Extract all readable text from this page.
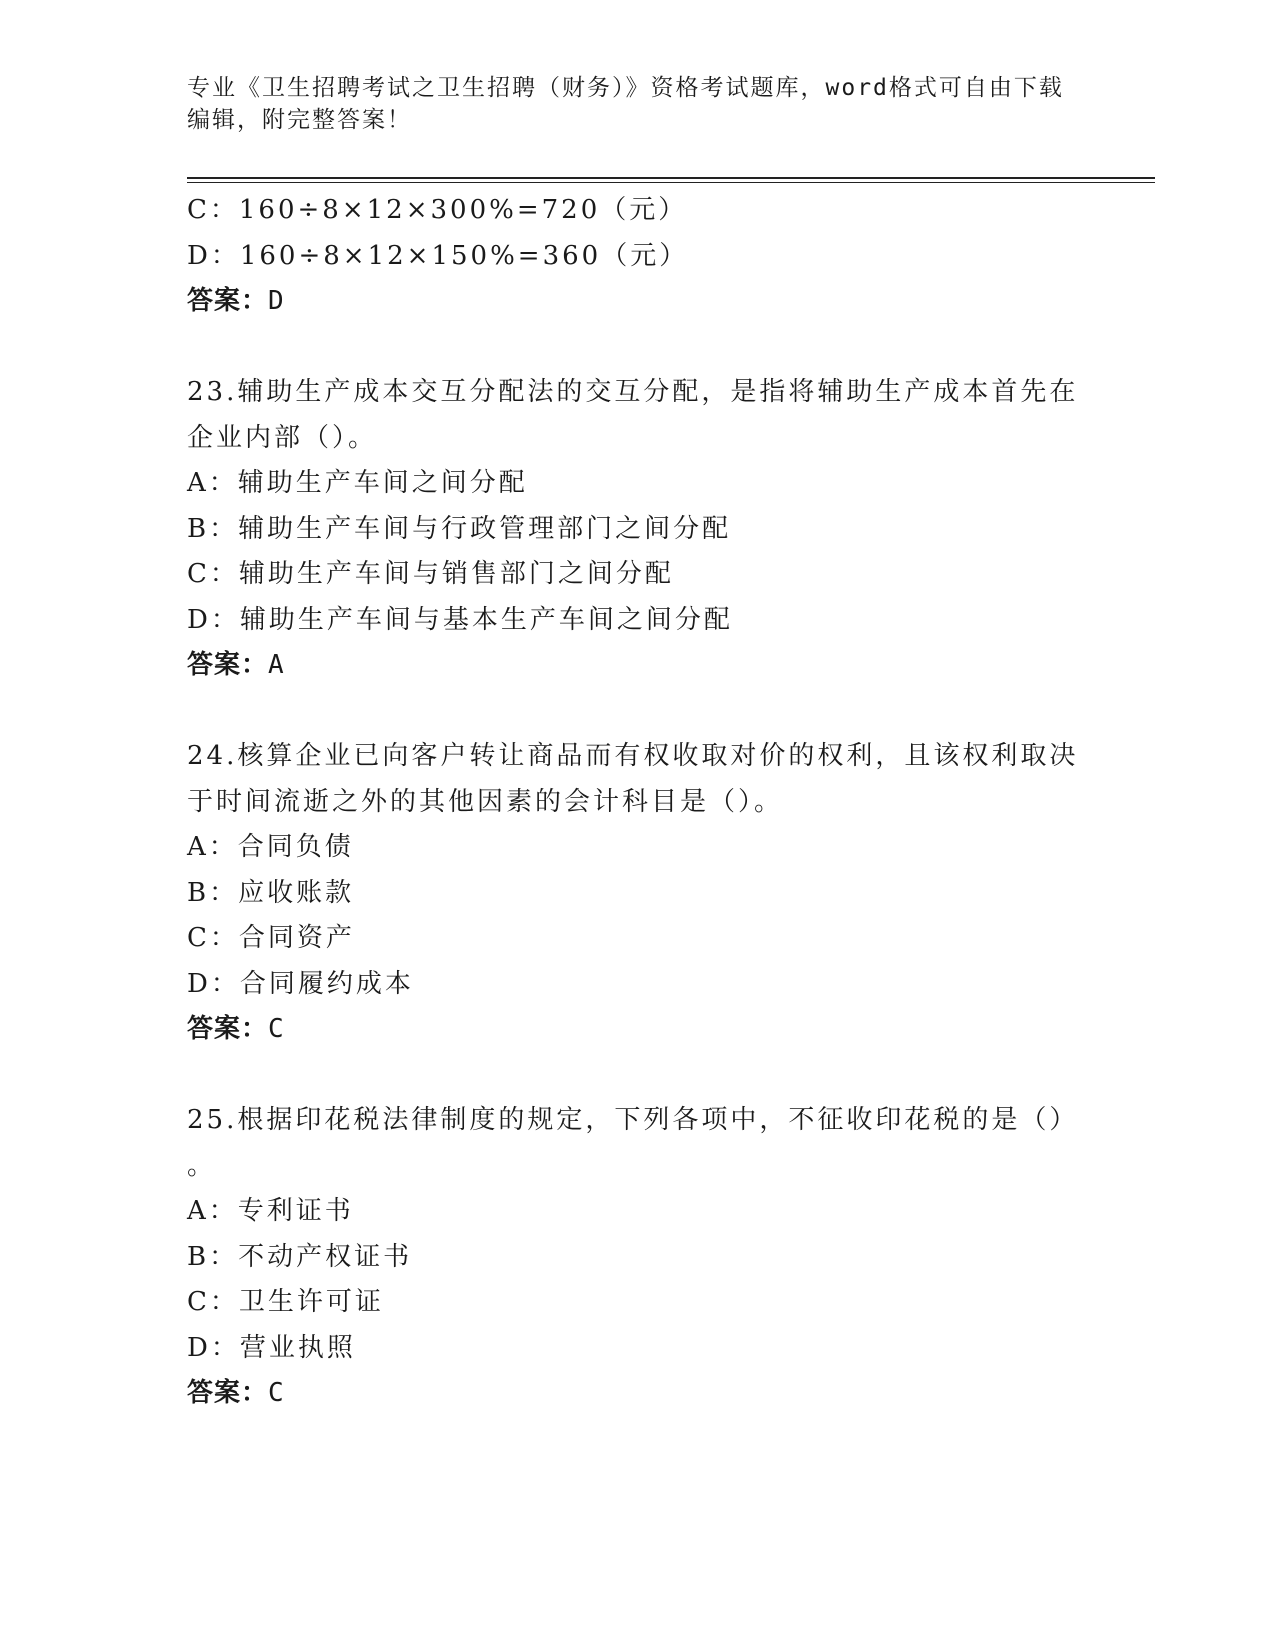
专业《卫生招聘考试之卫生招聘（财务）》资格考试题库，word格式可自由下载
编辑，附完整答案！
C：160÷8×12×300%=720（元）
D：160÷8×12×150%=360（元）
答案：D
23.辅助生产成本交互分配法的交互分配，是指将辅助生产成本首先在
企业内部（）。
A：辅助生产车间之间分配
B：辅助生产车间与行政管理部门之间分配
C：辅助生产车间与销售部门之间分配
D：辅助生产车间与基本生产车间之间分配
答案：A
24.核算企业已向客户转让商品而有权收取对价的权利，且该权利取决
于时间流逝之外的其他因素的会计科目是（）。
A：合同负债
B：应收账款
C：合同资产
D：合同履约成本
答案：C
25.根据印花税法律制度的规定，下列各项中，不征收印花税的是（）
。
A：专利证书
B：不动产权证书
C：卫生许可证
D：营业执照
答案：C
